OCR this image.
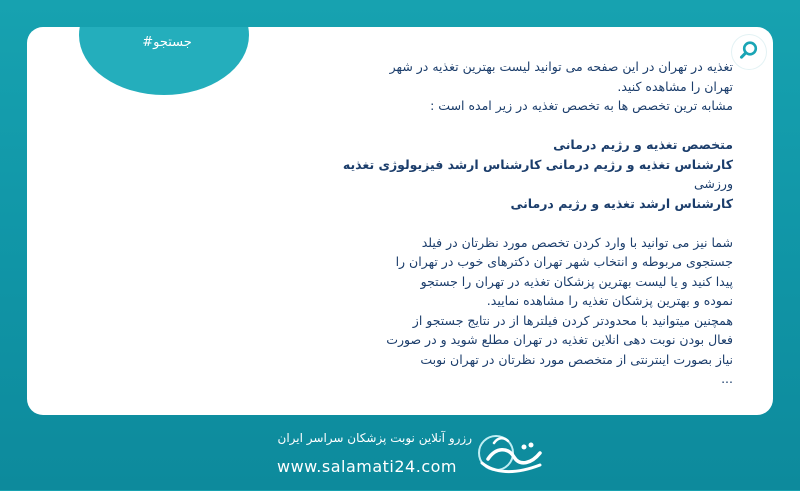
#جستجو

تغذیه در تهران در این صفحه می توانید لیست بهترین تغذیه در شهر

تهران را مشاهده کنید.

مشابه ترین تخصص ها به تخصص تغذیه در زیر امده است :

متخصص تغذیه و رژیم درمانی

کارشناس تغذیه و رژیم درمانی کارشناس ارشد فیزیولوژی تغذیه

ورزشی

کارشناس ارشد تغذیه و رژیم درمانی

شما نیز می توانید با وارد کردن تخصص مورد نظرتان در فیلد

جستجوی مربوطه و انتخاب شهر تهران دکترهای خوب در تهران را

پیدا کنید و یا لیست بهترین پزشکان تغذیه در تهران را جستجو

نموده و بهترین پزشکان تغذیه را مشاهده نمایید.

همچنین میتوانید با محدودتر کردن فیلترها از در نتایج جستجو از

فعال بودن نوبت دهی انلاین تغذیه در تهران مطلع شوید و در صورت

نیاز بصورت اینترنتی از متخصص مورد نظرتان در تهران نوبت

...

رزرو آنلاین نوبت پزشکان سراسر ایران
www.salamati24.com
